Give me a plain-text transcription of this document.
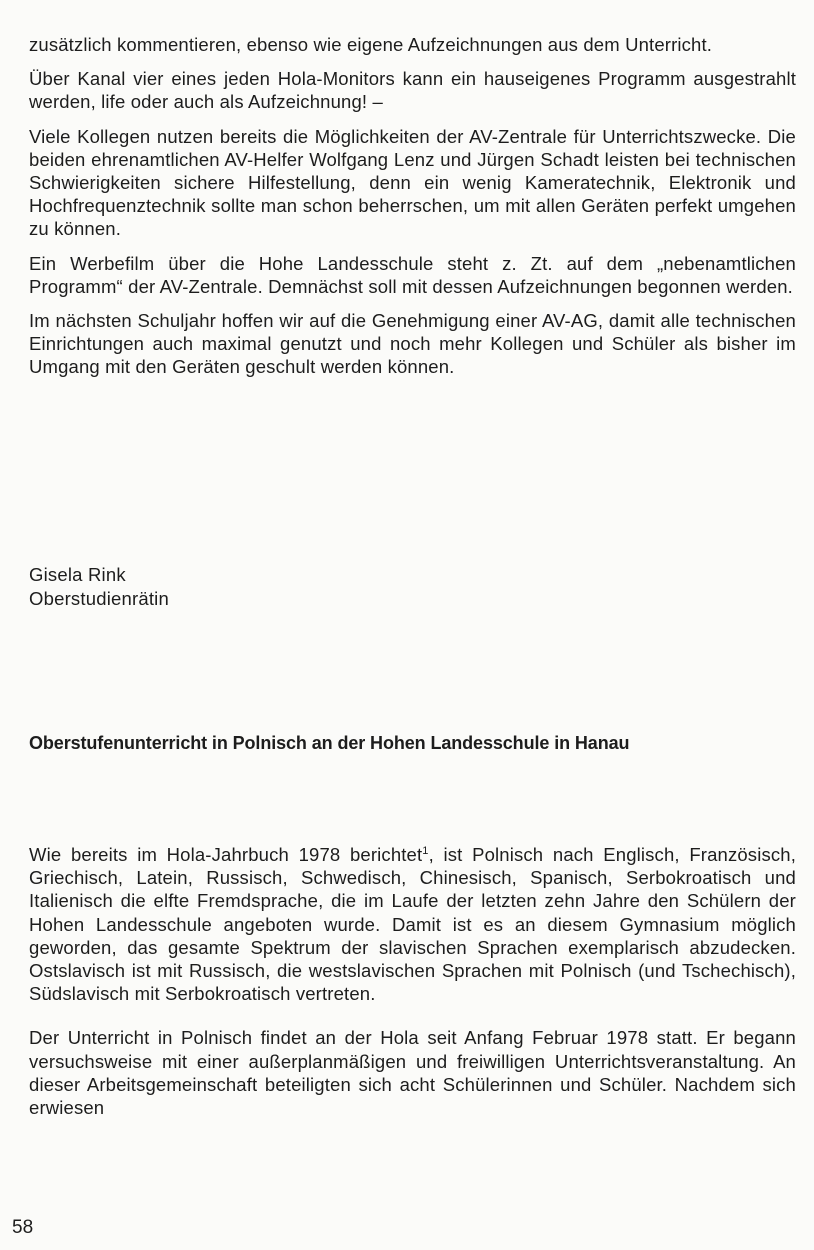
zusätzlich kommentieren, ebenso wie eigene Aufzeichnungen aus dem Unterricht.

Über Kanal vier eines jeden Hola-Monitors kann ein hauseigenes Programm ausgestrahlt werden, life oder auch als Aufzeichnung! –

Viele Kollegen nutzen bereits die Möglichkeiten der AV-Zentrale für Unterrichtszwecke. Die beiden ehrenamtlichen AV-Helfer Wolfgang Lenz und Jürgen Schadt leisten bei technischen Schwierigkeiten sichere Hilfestellung, denn ein wenig Kameratechnik, Elektronik und Hochfrequenztechnik sollte man schon beherrschen, um mit allen Geräten perfekt umgehen zu können.

Ein Werbefilm über die Hohe Landesschule steht z. Zt. auf dem „nebenamtlichen Programm“ der AV-Zentrale. Demnächst soll mit dessen Aufzeichnungen begonnen werden.

Im nächsten Schuljahr hoffen wir auf die Genehmigung einer AV-AG, damit alle technischen Einrichtungen auch maximal genutzt und noch mehr Kollegen und Schüler als bisher im Umgang mit den Geräten geschult werden können.

Gisela Rink
Oberstudienrätin
Oberstufenunterricht in Polnisch an der Hohen Landesschule in Hanau

Wie bereits im Hola-Jahrbuch 1978 berichtet$^1$, ist Polnisch nach Englisch, Französisch, Griechisch, Latein, Russisch, Schwedisch, Chinesisch, Spanisch, Serbokroatisch und Italienisch die elfte Fremdsprache, die im Laufe der letzten zehn Jahre den Schülern der Hohen Landesschule angeboten wurde. Damit ist es an diesem Gymnasium möglich geworden, das gesamte Spektrum der slavischen Sprachen exemplarisch abzudecken. Ostslavisch ist mit Russisch, die westslavischen Sprachen mit Polnisch (und Tschechisch), Südslavisch mit Serbokroatisch vertreten.

Der Unterricht in Polnisch findet an der Hola seit Anfang Februar 1978 statt. Er begann versuchsweise mit einer außerplanmäßigen und freiwilligen Unterrichtsveranstaltung. An dieser Arbeitsgemeinschaft beteiligten sich acht Schülerinnen und Schüler. Nachdem sich erwiesen

58
